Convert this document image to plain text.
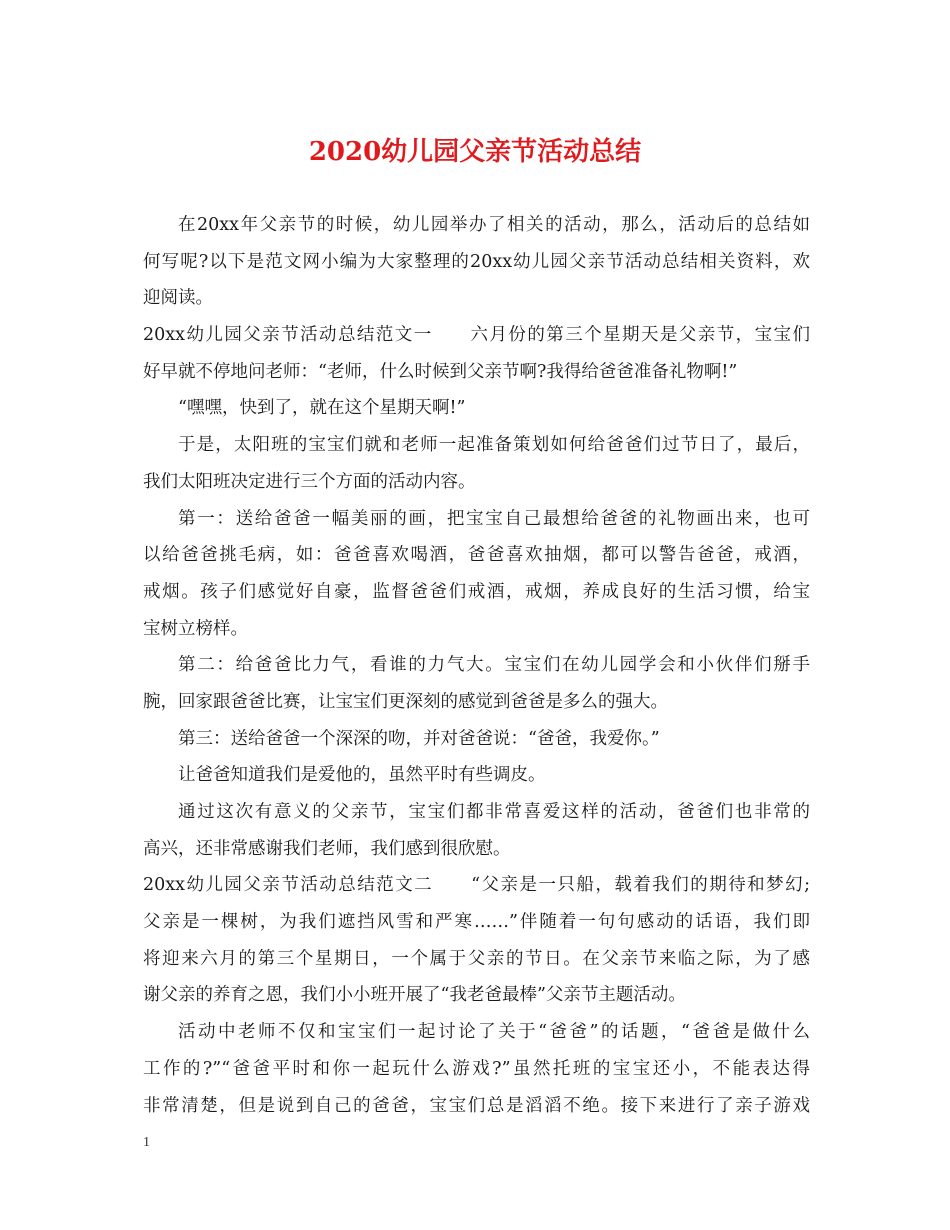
2020幼儿园父亲节活动总结
在20xx年父亲节的时候，幼儿园举办了相关的活动，那么，活动后的总结如
何写呢?以下是范文网小编为大家整理的20xx幼儿园父亲节活动总结相关资料，欢
迎阅读。
20xx幼儿园父亲节活动总结范文一　　六月份的第三个星期天是父亲节，宝宝们
好早就不停地问老师：“老师，什么时候到父亲节啊?我得给爸爸准备礼物啊!”
“嘿嘿，快到了，就在这个星期天啊!”
于是，太阳班的宝宝们就和老师一起准备策划如何给爸爸们过节日了，最后，
我们太阳班决定进行三个方面的活动内容。
第一：送给爸爸一幅美丽的画，把宝宝自己最想给爸爸的礼物画出来，也可
以给爸爸挑毛病，如：爸爸喜欢喝酒，爸爸喜欢抽烟，都可以警告爸爸，戒酒，
戒烟。孩子们感觉好自豪，监督爸爸们戒酒，戒烟，养成良好的生活习惯，给宝
宝树立榜样。
第二：给爸爸比力气，看谁的力气大。宝宝们在幼儿园学会和小伙伴们掰手
腕，回家跟爸爸比赛，让宝宝们更深刻的感觉到爸爸是多么的强大。
第三：送给爸爸一个深深的吻，并对爸爸说：“爸爸，我爱你。”
让爸爸知道我们是爱他的，虽然平时有些调皮。
通过这次有意义的父亲节，宝宝们都非常喜爱这样的活动，爸爸们也非常的
高兴，还非常感谢我们老师，我们感到很欣慰。
20xx幼儿园父亲节活动总结范文二　　“父亲是一只船，载着我们的期待和梦幻;
父亲是一棵树，为我们遮挡风雪和严寒……”伴随着一句句感动的话语，我们即
将迎来六月的第三个星期日，一个属于父亲的节日。在父亲节来临之际，为了感
谢父亲的养育之恩，我们小小班开展了“我老爸最棒”父亲节主题活动。
活动中老师不仅和宝宝们一起讨论了关于“爸爸”的话题，“爸爸是做什么
工作的?”“爸爸平时和你一起玩什么游戏?”虽然托班的宝宝还小，不能表达得
非常清楚，但是说到自己的爸爸，宝宝们总是滔滔不绝。接下来进行了亲子游戏
1
